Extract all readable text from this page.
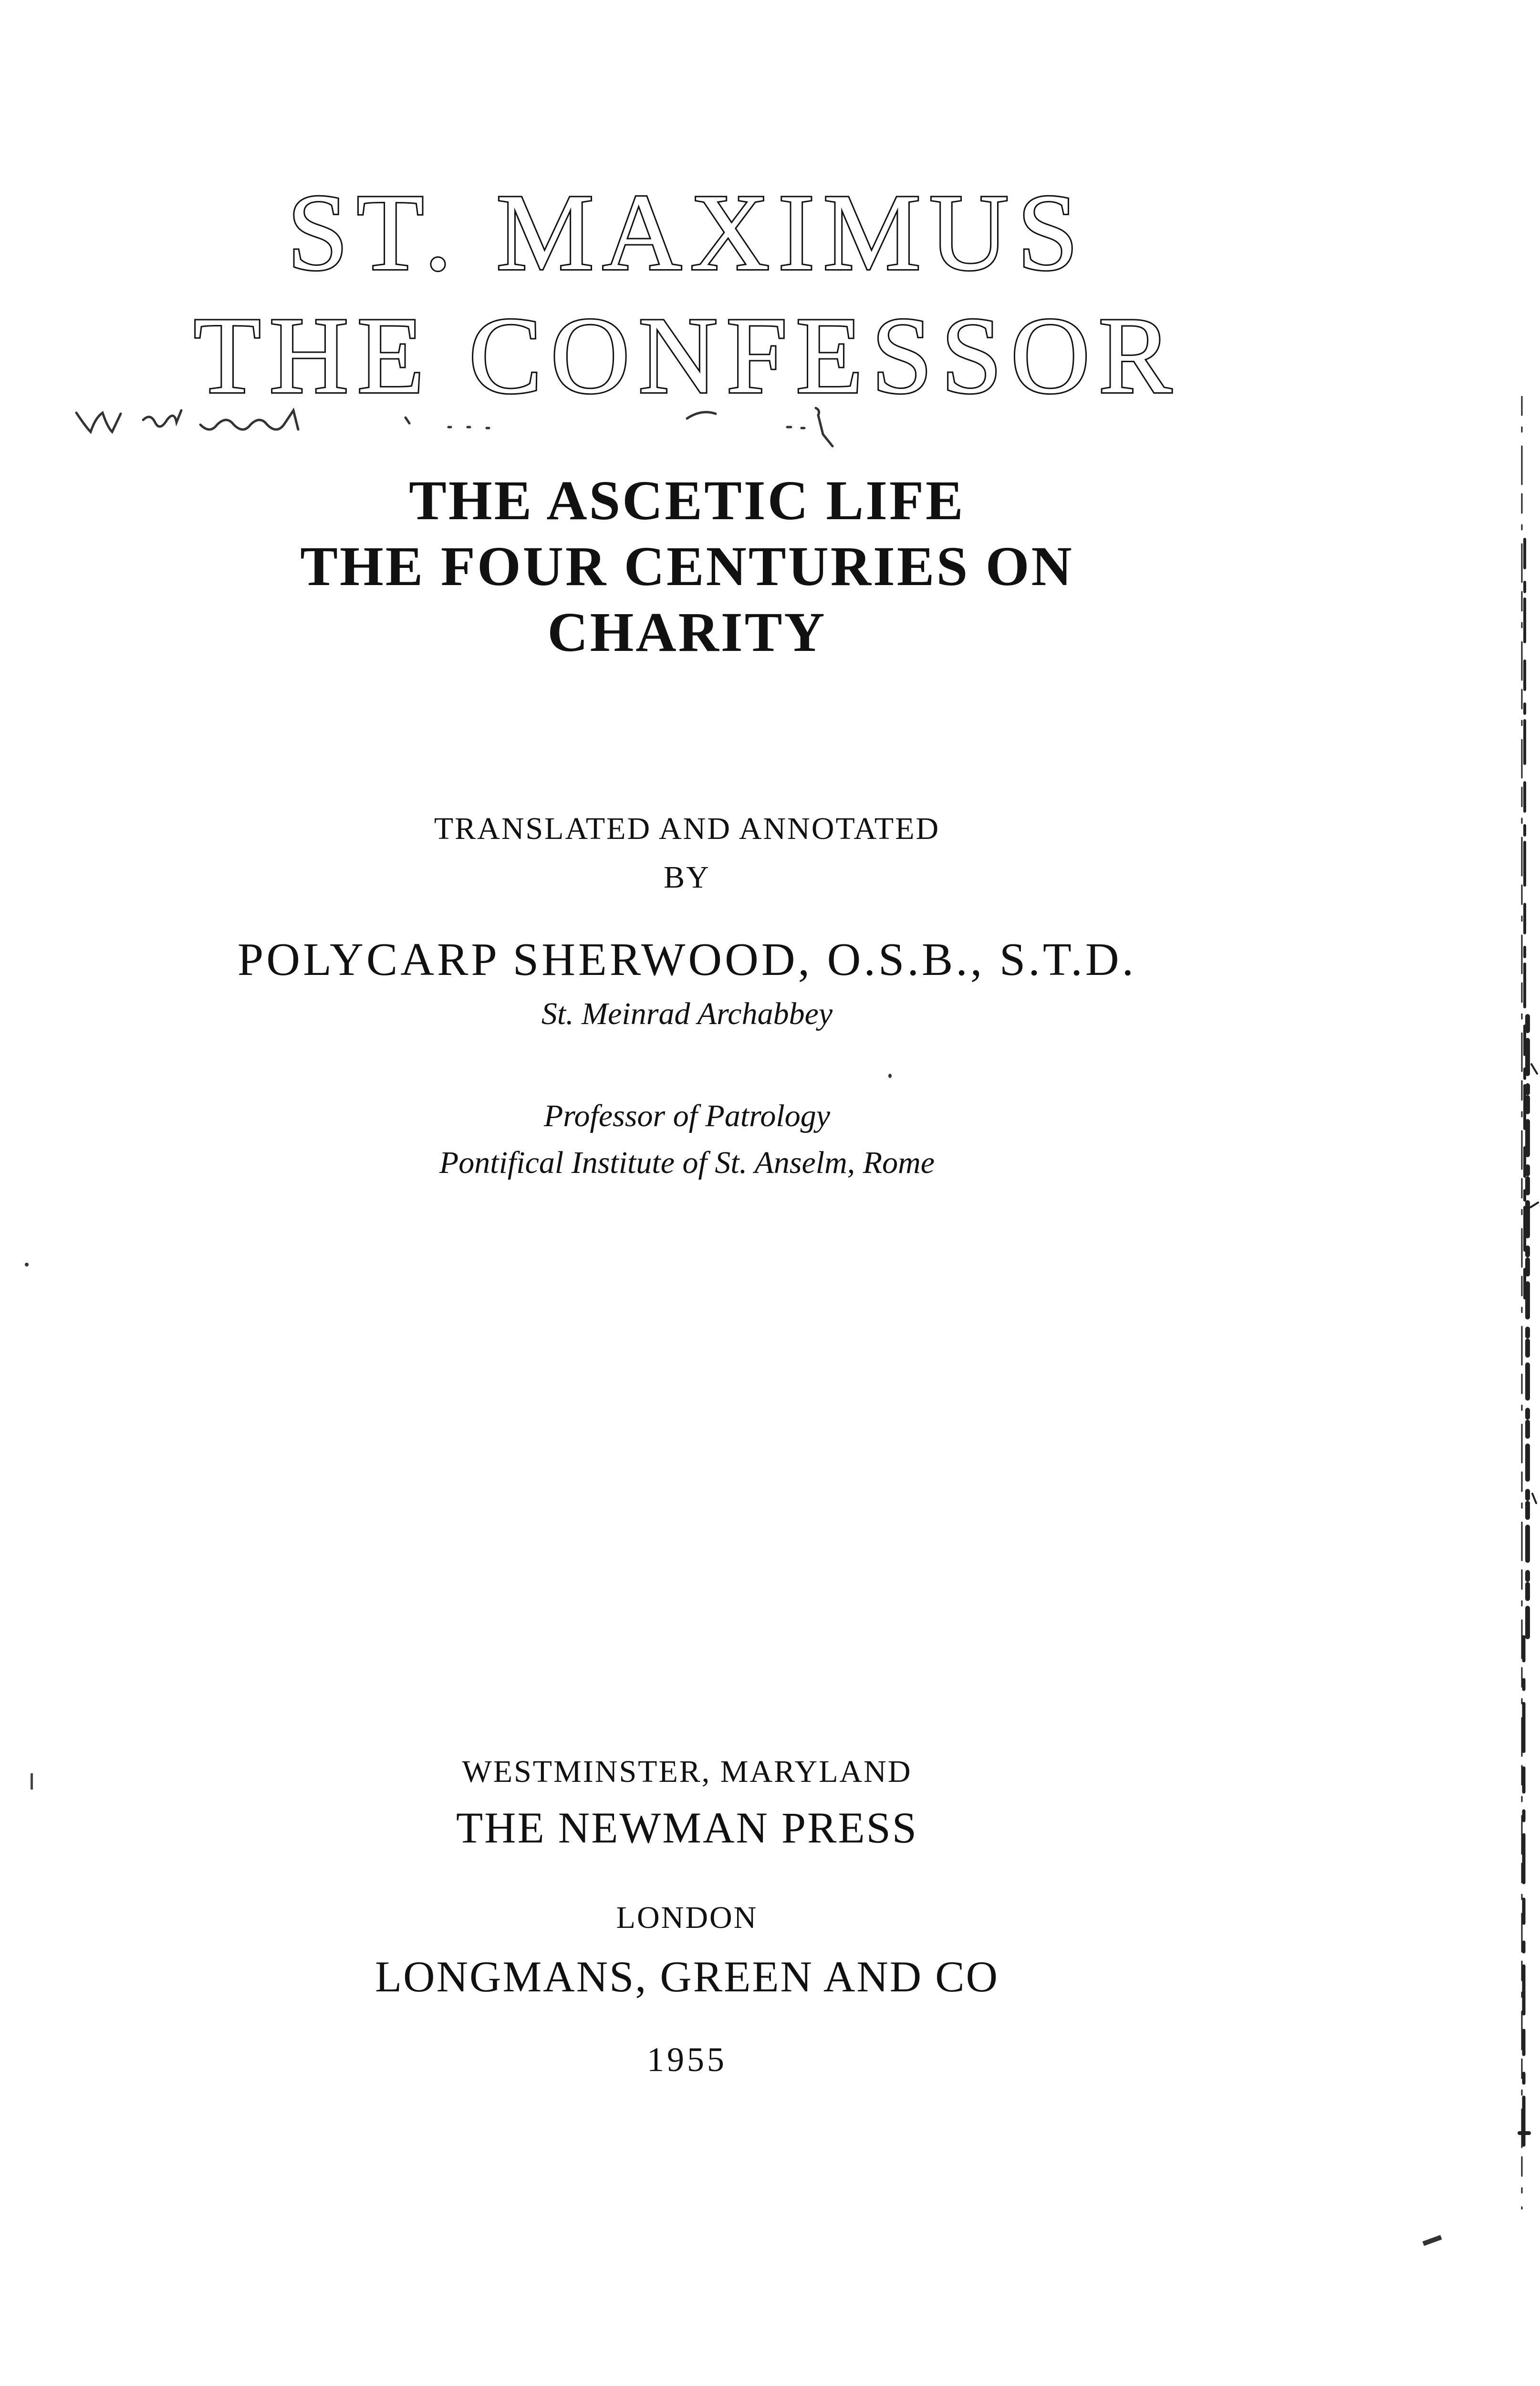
ST. MAXIMUS
THE CONFESSOR
THE ASCETIC LIFE
THE FOUR CENTURIES ON
CHARITY
TRANSLATED AND ANNOTATED
BY
POLYCARP SHERWOOD, O.S.B., S.T.D.
St. Meinrad Archabbey
Professor of Patrology
Pontifical Institute of St. Anselm, Rome
WESTMINSTER, MARYLAND
THE NEWMAN PRESS
LONDON
LONGMANS, GREEN AND CO
1955
